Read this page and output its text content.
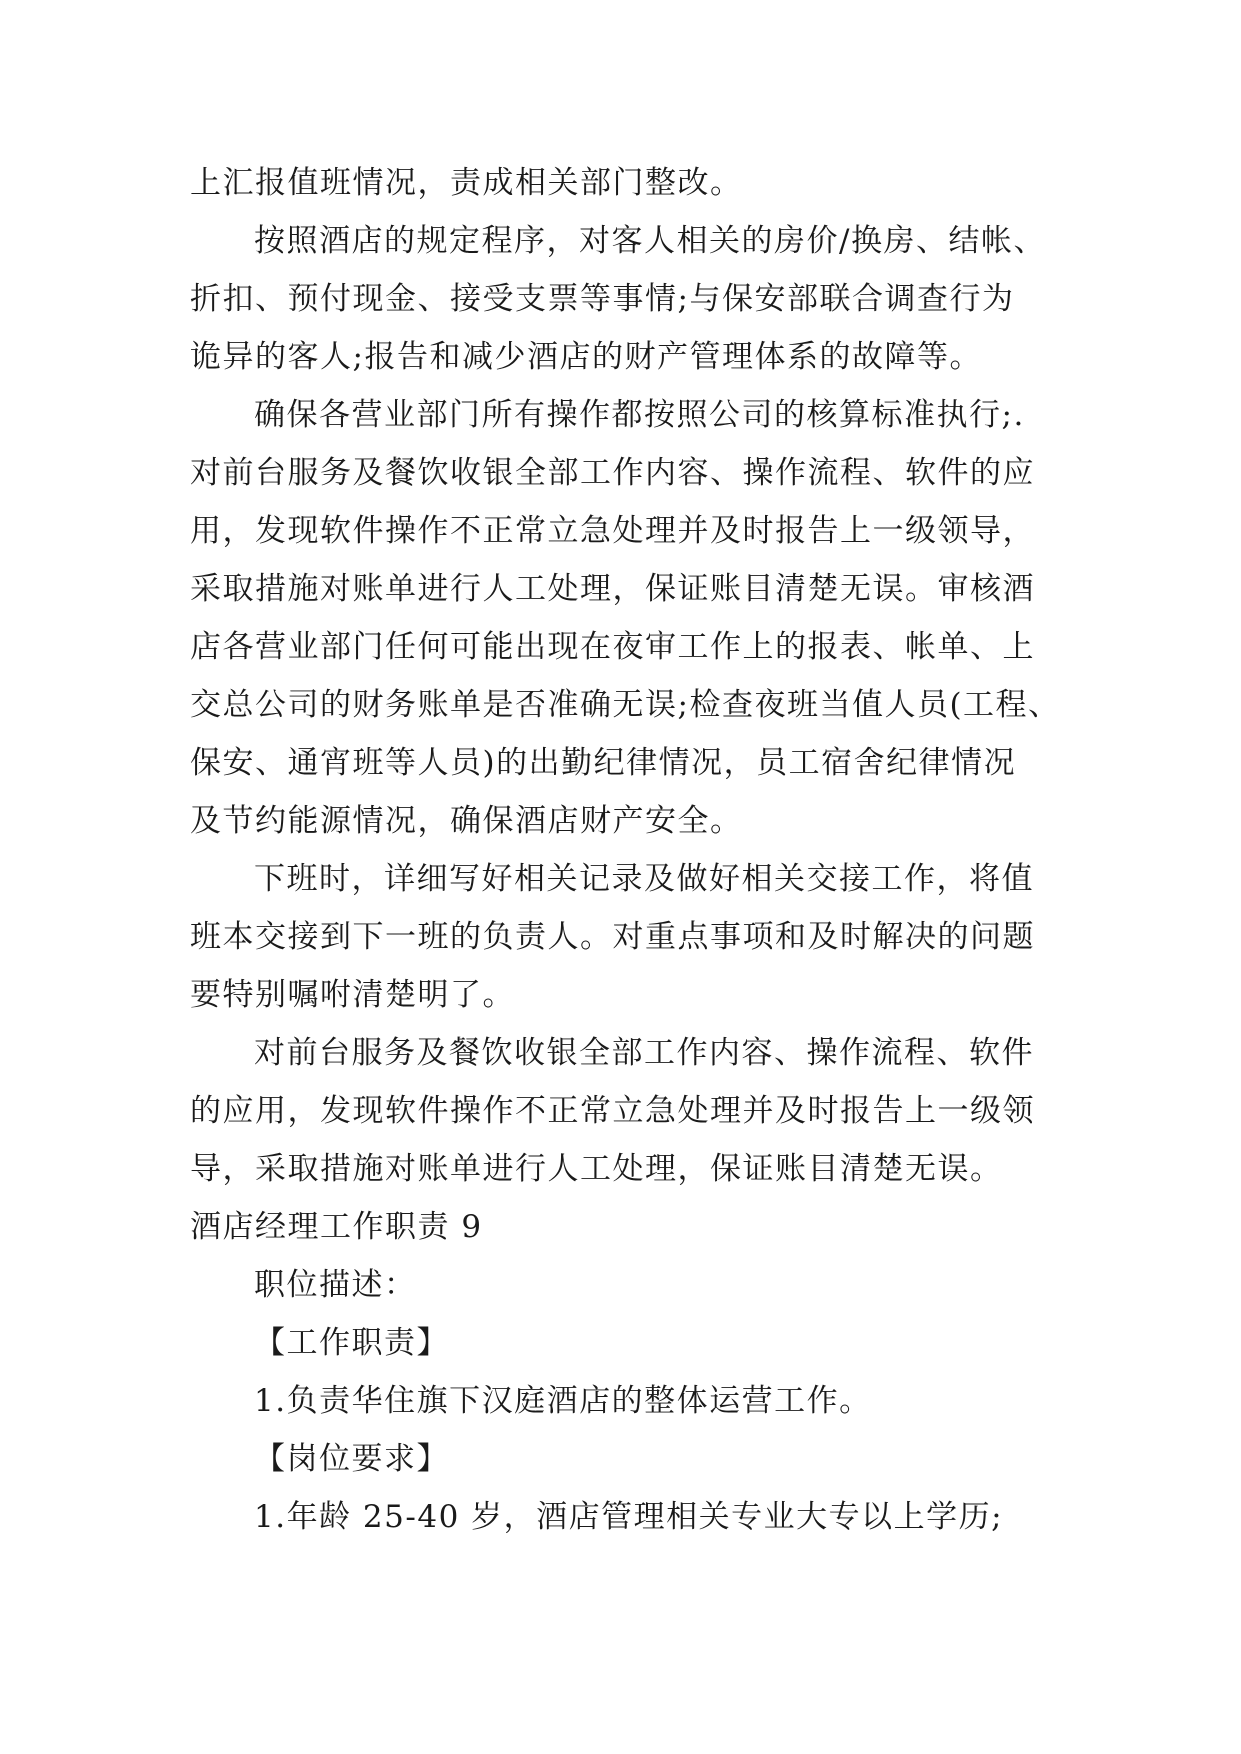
上汇报值班情况，责成相关部门整改。
按照酒店的规定程序，对客人相关的房价/换房、结帐、
折扣、预付现金、接受支票等事情;与保安部联合调查行为
诡异的客人;报告和减少酒店的财产管理体系的故障等。
确保各营业部门所有操作都按照公司的核算标准执行;.
对前台服务及餐饮收银全部工作内容、操作流程、软件的应
用，发现软件操作不正常立急处理并及时报告上一级领导，
采取措施对账单进行人工处理，保证账目清楚无误。审核酒
店各营业部门任何可能出现在夜审工作上的报表、帐单、上
交总公司的财务账单是否准确无误;检查夜班当值人员(工程、
保安、通宵班等人员)的出勤纪律情况，员工宿舍纪律情况
及节约能源情况，确保酒店财产安全。
下班时，详细写好相关记录及做好相关交接工作，将值
班本交接到下一班的负责人。对重点事项和及时解决的问题
要特别嘱咐清楚明了。
对前台服务及餐饮收银全部工作内容、操作流程、软件
的应用，发现软件操作不正常立急处理并及时报告上一级领
导，采取措施对账单进行人工处理，保证账目清楚无误。
酒店经理工作职责 9
职位描述：
【工作职责】
1.负责华住旗下汉庭酒店的整体运营工作。
【岗位要求】
1.年龄 25-40 岁，酒店管理相关专业大专以上学历;
